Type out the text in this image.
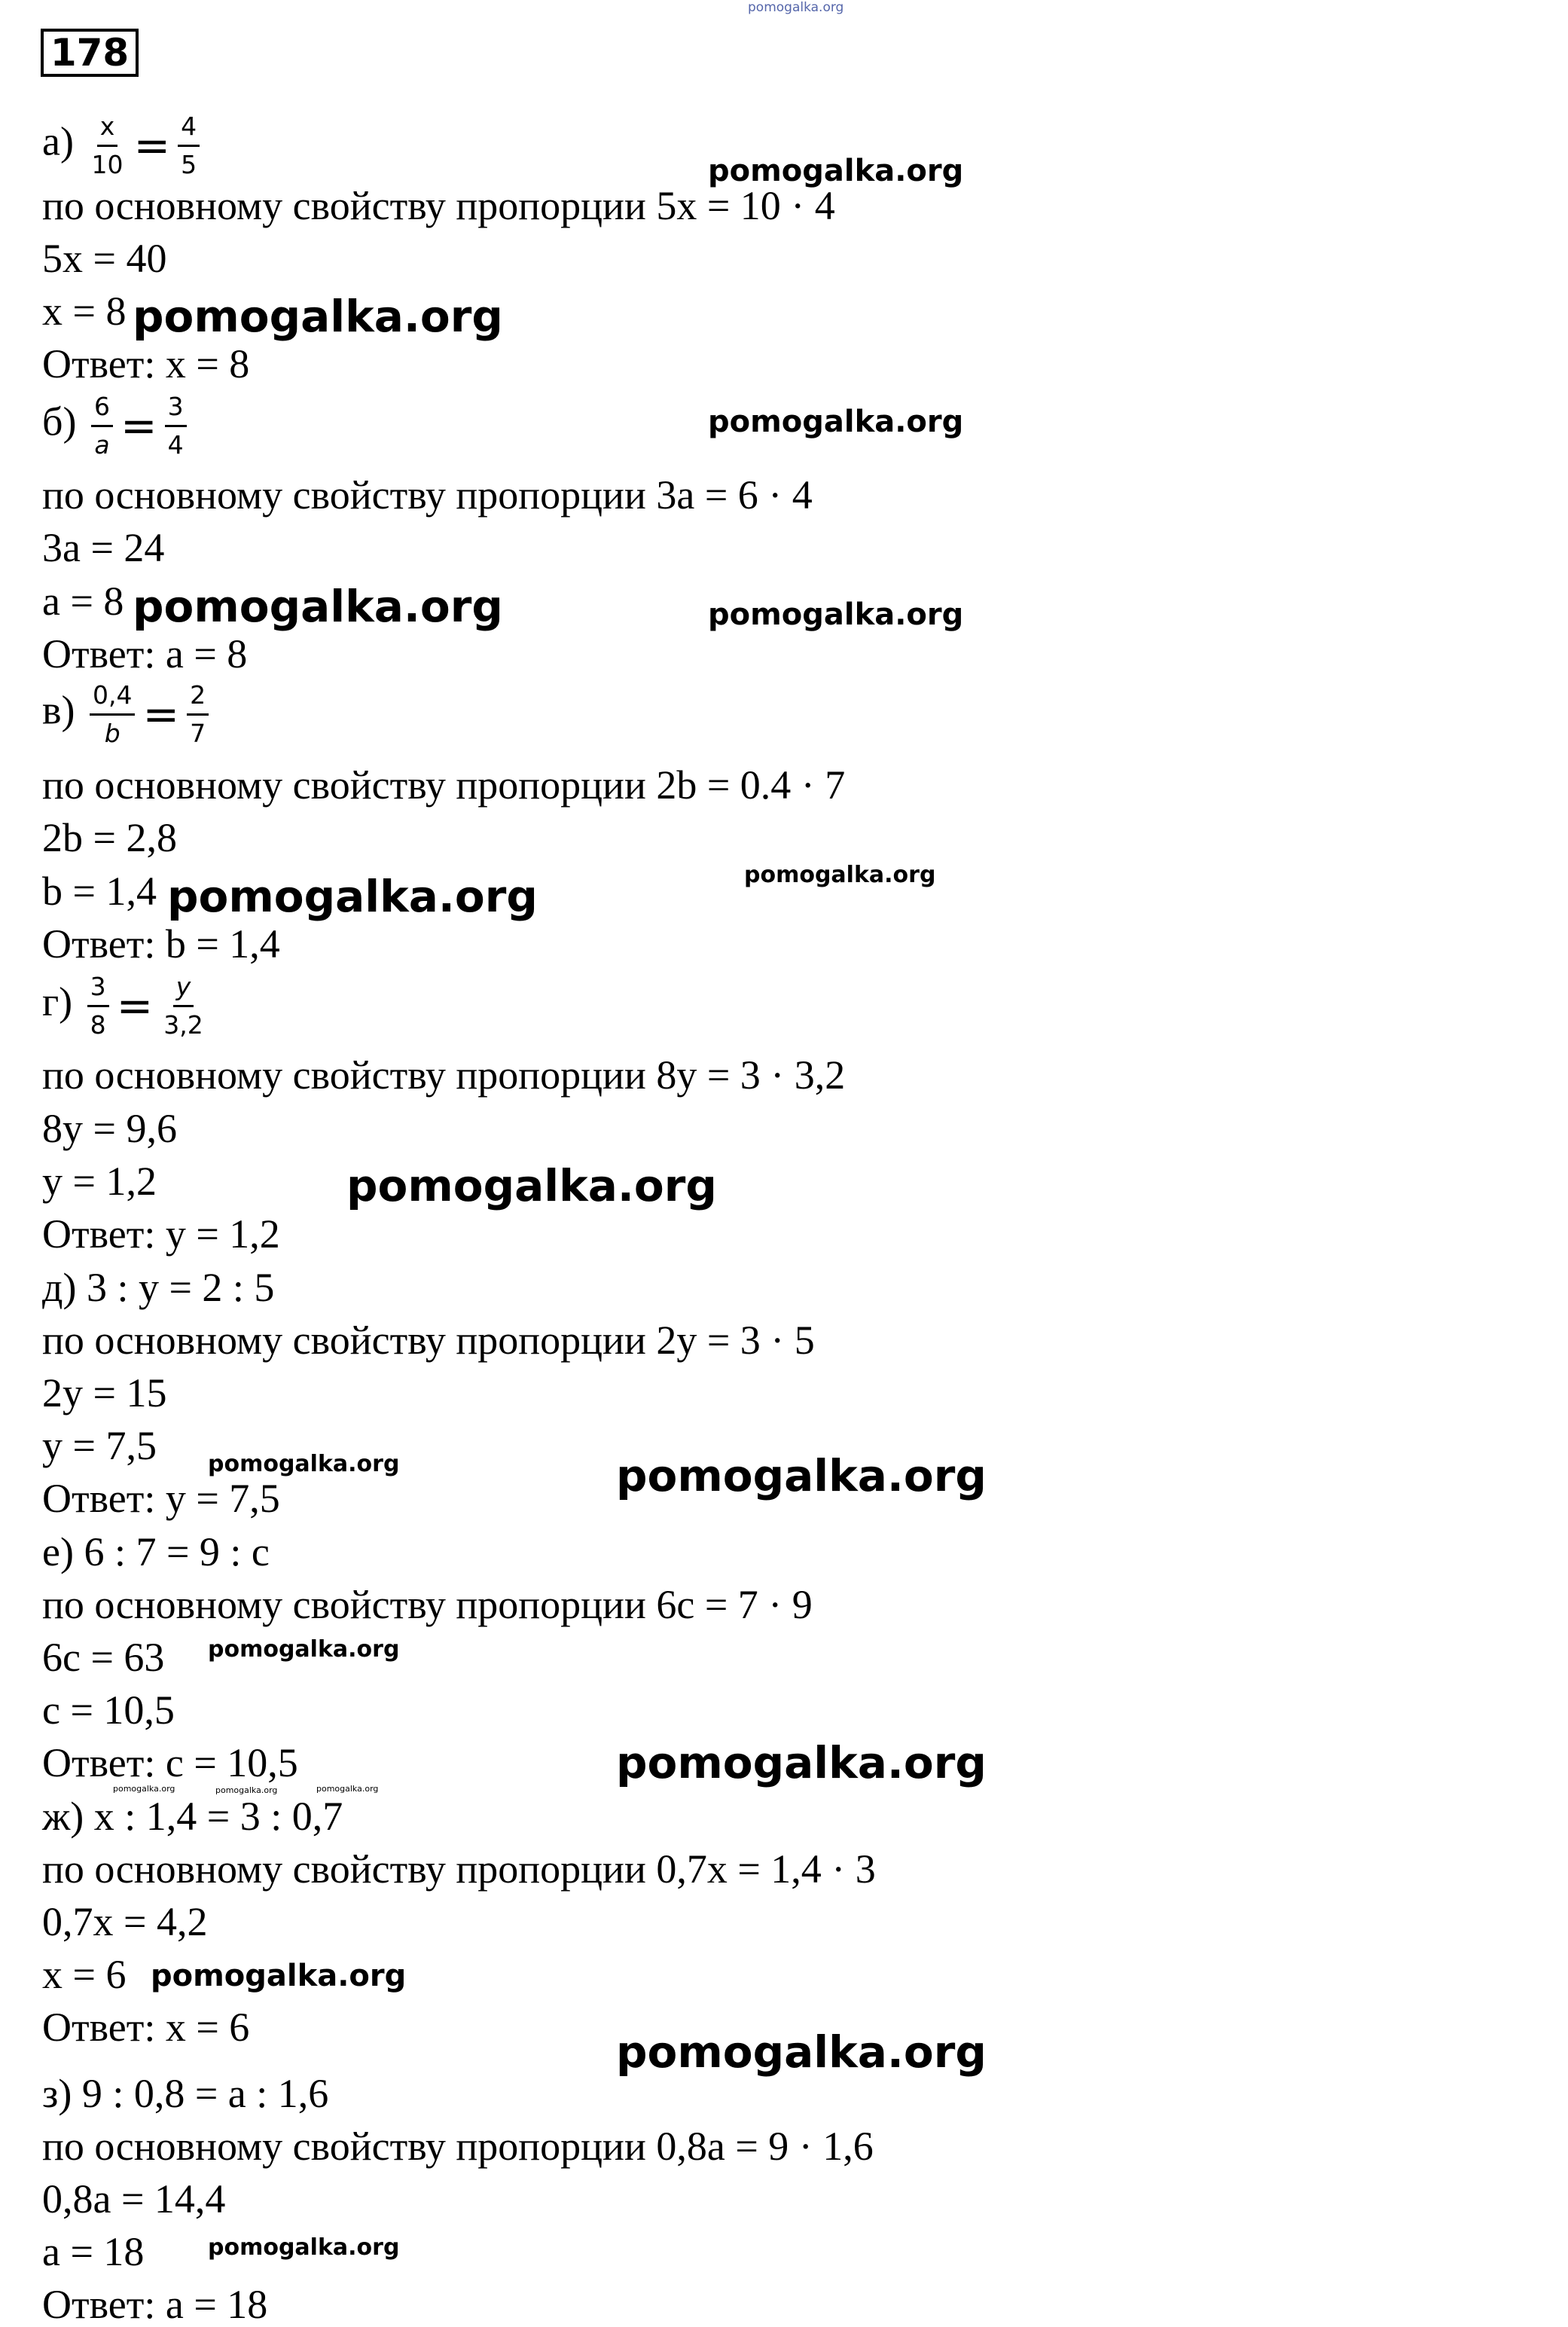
pomogalka.org

pomogalka.org

pomogalka.org

pomogalka.org

pomogalka.org	pomogalka.org

pomogalka.org

pomogalka.org

pomogalka.org

pomogalka.org	pomogalka.org

pomogalka.org

pomogalka.org

pomogalka.org	pomogalka.org	pomogalka.org

pomogalka.org

pomogalka.org

pomogalka.org

178
$а) \frac{x}{10} = \frac{4}{5}$

по основному свойству пропорции 5x = 10 · 4

5x = 40

x = 8

Ответ: x = 8

$б) \frac{6}{a} = \frac{3}{4}$

по основному свойству пропорции 3a = 6 · 4

3a = 24

a = 8

Ответ: a = 8

$в) \frac{0,4}{b} = \frac{2}{7}$

по основному свойству пропорции 2b = 0.4 · 7

2b = 2,8

b = 1,4

Ответ: b = 1,4

$г) \frac{3}{8} = \frac{y}{3,2}$

по основному свойству пропорции 8y = 3 · 3,2

8y = 9,6

y = 1,2

Ответ: y = 1,2

д) 3 : y = 2 : 5

по основному свойству пропорции 2y = 3 · 5

2y = 15

y = 7,5

Ответ: y = 7,5

е) 6 : 7 = 9 : c

по основному свойству пропорции 6c = 7 · 9

6c = 63

c = 10,5

Ответ: c = 10,5

ж) x : 1,4 = 3 : 0,7

по основному свойству пропорции 0,7x = 1,4 · 3

0,7x = 4,2

x = 6

Ответ: x = 6

з) 9 : 0,8 = a : 1,6

по основному свойству пропорции 0,8a = 9 · 1,6

0,8a = 14,4

a = 18

Ответ: a = 18
